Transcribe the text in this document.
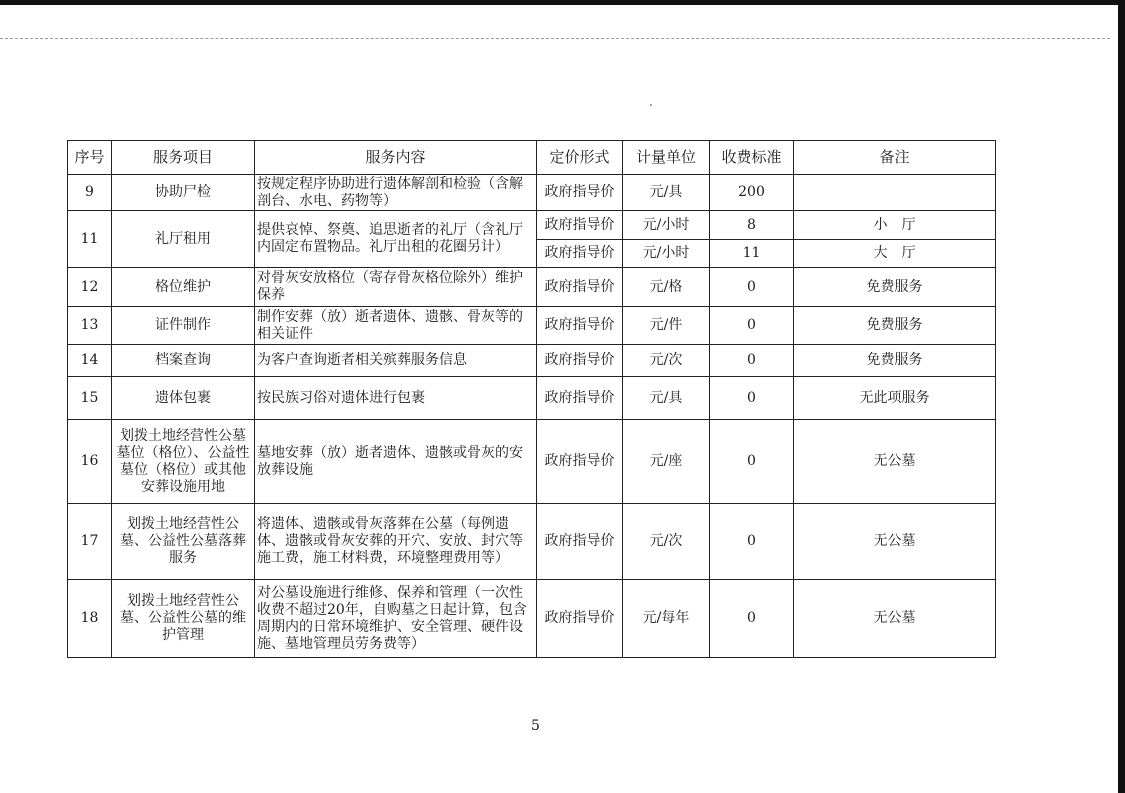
序号	服务项目	服务内容	定价形式	计量单位	收费标准	备注
9	协助尸检	按规定程序协助进行遗体解剖和检验（含解剖台、水电、药物等）	政府指导价	元/具	200	
11	礼厅租用	提供哀悼、祭奠、追思逝者的礼厅（含礼厅内固定布置物品。礼厅出租的花圈另计）	政府指导价	元/小时	8	小　厅
			政府指导价	元/小时	11	大　厅
12	格位维护	对骨灰安放格位（寄存骨灰格位除外）维护保养	政府指导价	元/格	0	免费服务
13	证件制作	制作安葬（放）逝者遗体、遗骸、骨灰等的相关证件	政府指导价	元/件	0	免费服务
14	档案查询	为客户查询逝者相关殡葬服务信息	政府指导价	元/次	0	免费服务
15	遗体包裹	按民族习俗对遗体进行包裹	政府指导价	元/具	0	无此项服务
16	划拨土地经营性公墓墓位（格位）、公益性墓位（格位）或其他安葬设施用地	墓地安葬（放）逝者遗体、遗骸或骨灰的安放葬设施	政府指导价	元/座	0	无公墓
17	划拨土地经营性公墓、公益性公墓落葬服务	将遗体、遗骸或骨灰落葬在公墓（每例遗体、遗骸或骨灰安葬的开穴、安放、封穴等施工费，施工材料费，环境整理费用等）	政府指导价	元/次	0	无公墓
18	划拨土地经营性公墓、公益性公墓的维护管理	对公墓设施进行维修、保养和管理（一次性收费不超过20年，自购墓之日起计算，包含周期内的日常环境维护、安全管理、硬件设施、墓地管理员劳务费等）	政府指导价	元/每年	0	无公墓
5
